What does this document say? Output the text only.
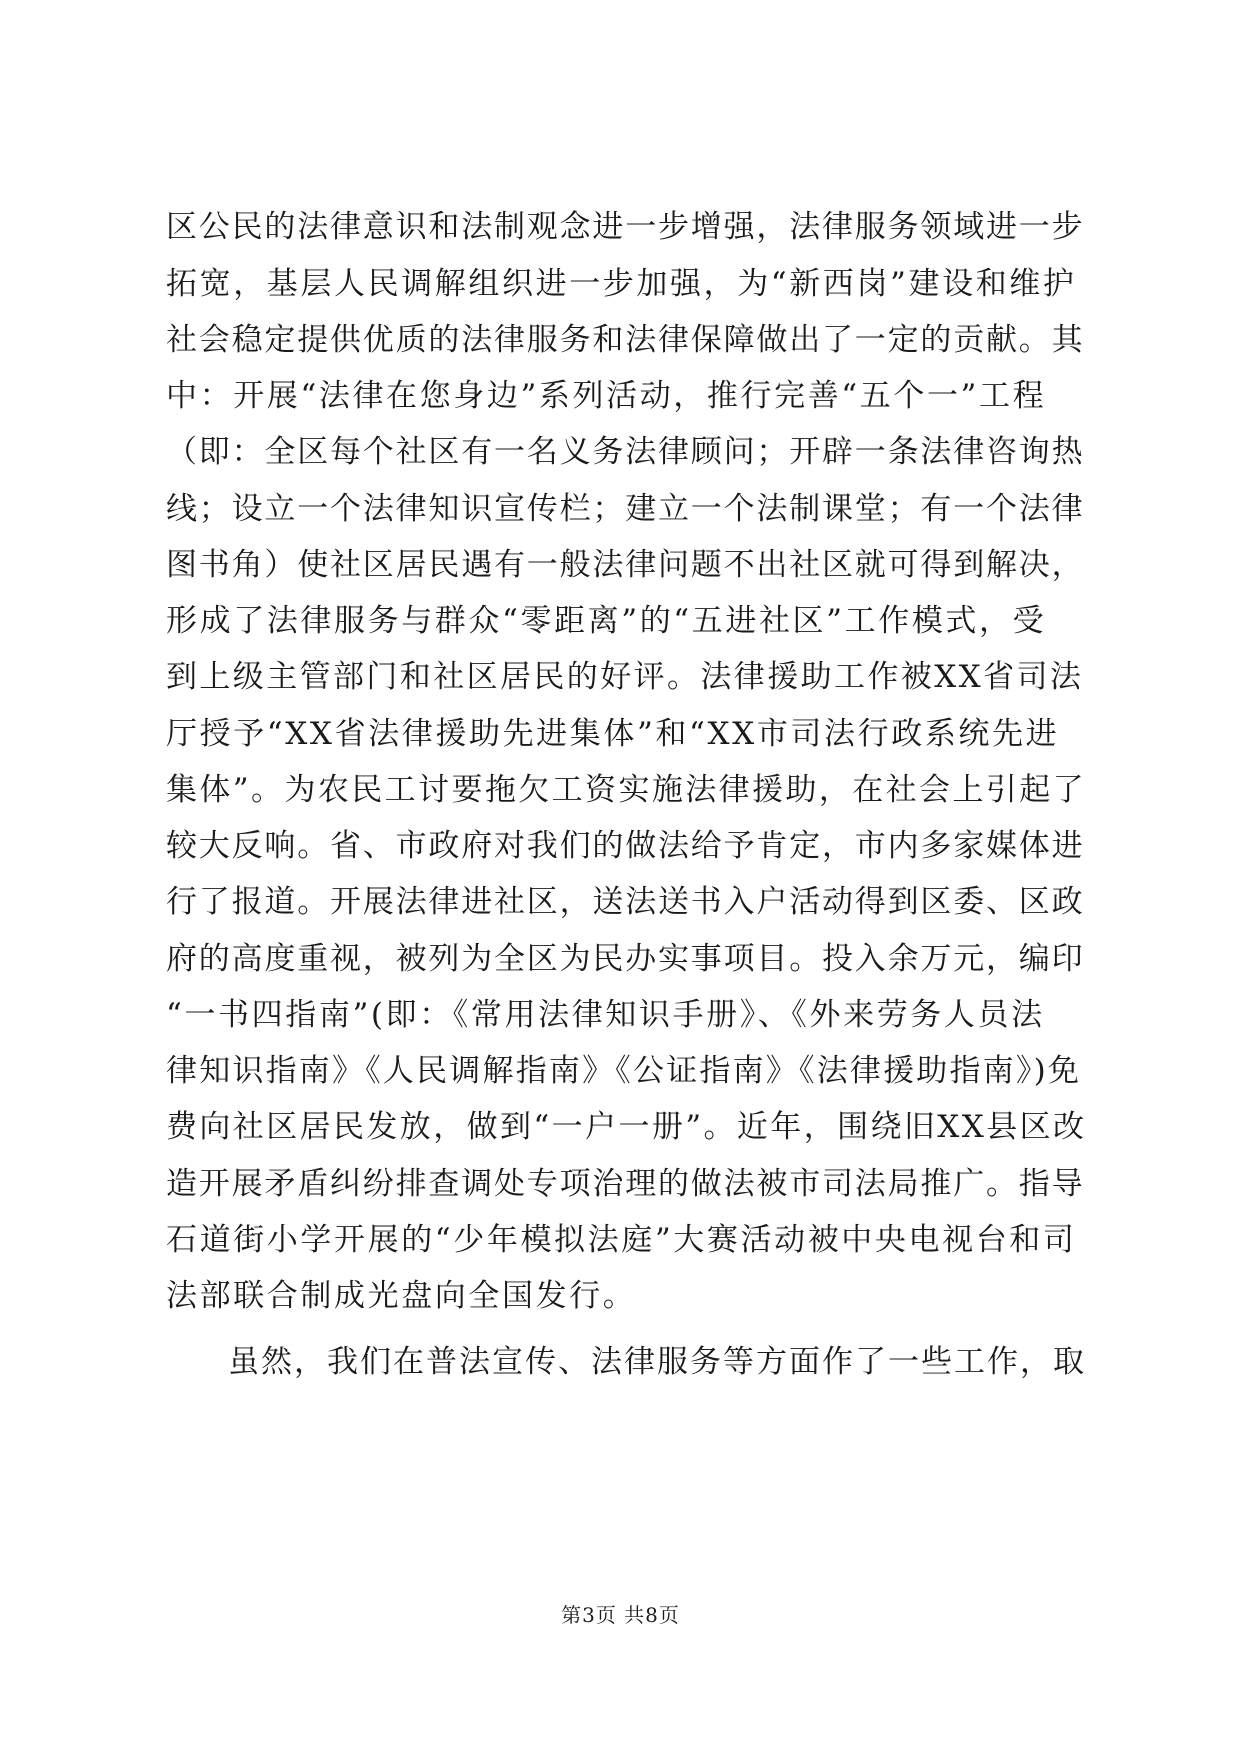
区公民的法律意识和法制观念进一步增强，法律服务领域进一步
拓宽，基层人民调解组织进一步加强，为“新西岗”建设和维护
社会稳定提供优质的法律服务和法律保障做出了一定的贡献。其
中：开展“法律在您身边”系列活动，推行完善“五个一”工程
（即：全区每个社区有一名义务法律顾问；开辟一条法律咨询热
线；设立一个法律知识宣传栏；建立一个法制课堂；有一个法律
图书角）使社区居民遇有一般法律问题不出社区就可得到解决，
形成了法律服务与群众“零距离”的“五进社区”工作模式，受
到上级主管部门和社区居民的好评。法律援助工作被XX省司法
厅授予“XX省法律援助先进集体”和“XX市司法行政系统先进
集体”。为农民工讨要拖欠工资实施法律援助，在社会上引起了
较大反响。省、市政府对我们的做法给予肯定，市内多家媒体进
行了报道。开展法律进社区，送法送书入户活动得到区委、区政
府的高度重视，被列为全区为民办实事项目。投入余万元，编印
“一书四指南”(即：《常用法律知识手册》、《外来劳务人员法
律知识指南》《人民调解指南》《公证指南》《法律援助指南》)免
费向社区居民发放，做到“一户一册”。近年，围绕旧XX县区改
造开展矛盾纠纷排查调处专项治理的做法被市司法局推广。指导
石道街小学开展的“少年模拟法庭”大赛活动被中央电视台和司
法部联合制成光盘向全国发行。
虽然，我们在普法宣传、法律服务等方面作了一些工作，取
第3页 共8页
